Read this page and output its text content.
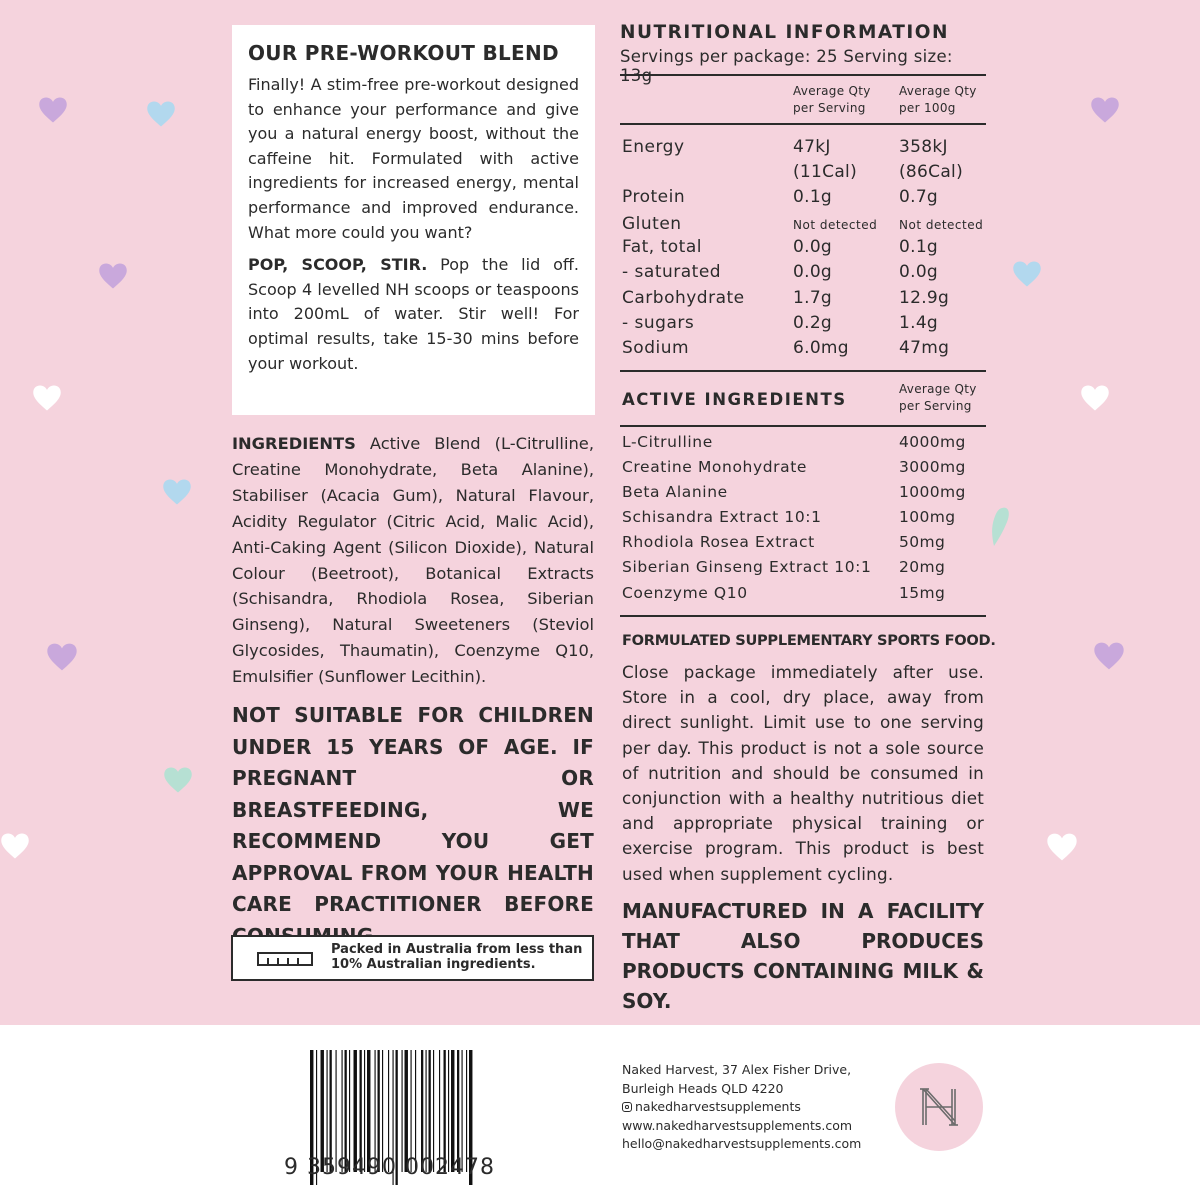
OUR PRE-WORKOUT BLEND

Finally! A stim-free pre-workout designed to enhance your performance and give you a natural energy boost, without the caffeine hit. Formulated with active ingredients for increased energy, mental performance and improved endurance. What more could you want?

POP, SCOOP, STIR. Pop the lid off. Scoop 4 levelled NH scoops or teaspoons into 200mL of water. Stir well! For optimal results, take 15-30 mins before your workout.

INGREDIENTS Active Blend (L-Citrulline, Creatine Monohydrate, Beta Alanine), Stabiliser (Acacia Gum), Natural Flavour, Acidity Regulator (Citric Acid, Malic Acid), Anti-Caking Agent (Silicon Dioxide), Natural Colour (Beetroot), Botanical Extracts (Schisandra, Rhodiola Rosea, Siberian Ginseng), Natural Sweeteners (Steviol Glycosides, Thaumatin), Coenzyme Q10, Emulsifier (Sunflower Lecithin).
NOT SUITABLE FOR CHILDREN UNDER 15 YEARS OF AGE. IF PREGNANT OR BREASTFEEDING, WE RECOMMEND YOU GET APPROVAL FROM YOUR HEALTH CARE PRACTITIONER BEFORE
Packed in Australia from less than
10% Australian ingredients.
NUTRITIONAL INFORMATION
Servings per package: 25 Serving size:
Average Qty
per Serving
Average Qty
per 100g
Energy	47kJ	358kJ
(11Cal) (86Cal)
Protein	0.1g	0.7g
Gluten	Not detected Not detected
Fat, total	0.0g	0.1g
- saturated	0.0g	0.0g
Carbohydrate	1.7g	12.9g
- sugars	0.2g	1.4g
Sodium	6.0mg	47mg
ACTIVE INGREDIENTS
Average Qty
per Serving
L-Citrulline	4000mg
Creatine Monohydrate	3000mg
Beta Alanine	1000mg
Schisandra Extract 10:1	100mg
Rhodiola Rosea Extract	50mg
Siberian Ginseng Extract 10:1 20mg
Coenzyme Q10	15mg
FORMULATED SUPPLEMENTARY SPORTS FOOD.
Close package immediately after use. Store in a cool, dry place, away from direct sunlight. Limit use to one serving per day. This product is not a sole source of nutrition and should be consumed in conjunction with a healthy nutritious diet and appropriate physical training or exercise program. This product is best used when supplement cycling.
MANUFACTURED IN A FACILITY THAT ALSO PRODUCES PRODUCTS CONTAINING MILK & SOY.
9 359490 002478
Naked Harvest, 37 Alex Fisher Drive,
Burleigh Heads QLD 4220
nakedharvestsupplements
www.nakedharvestsupplements.com
hello@nakedharvestsupplements.com
